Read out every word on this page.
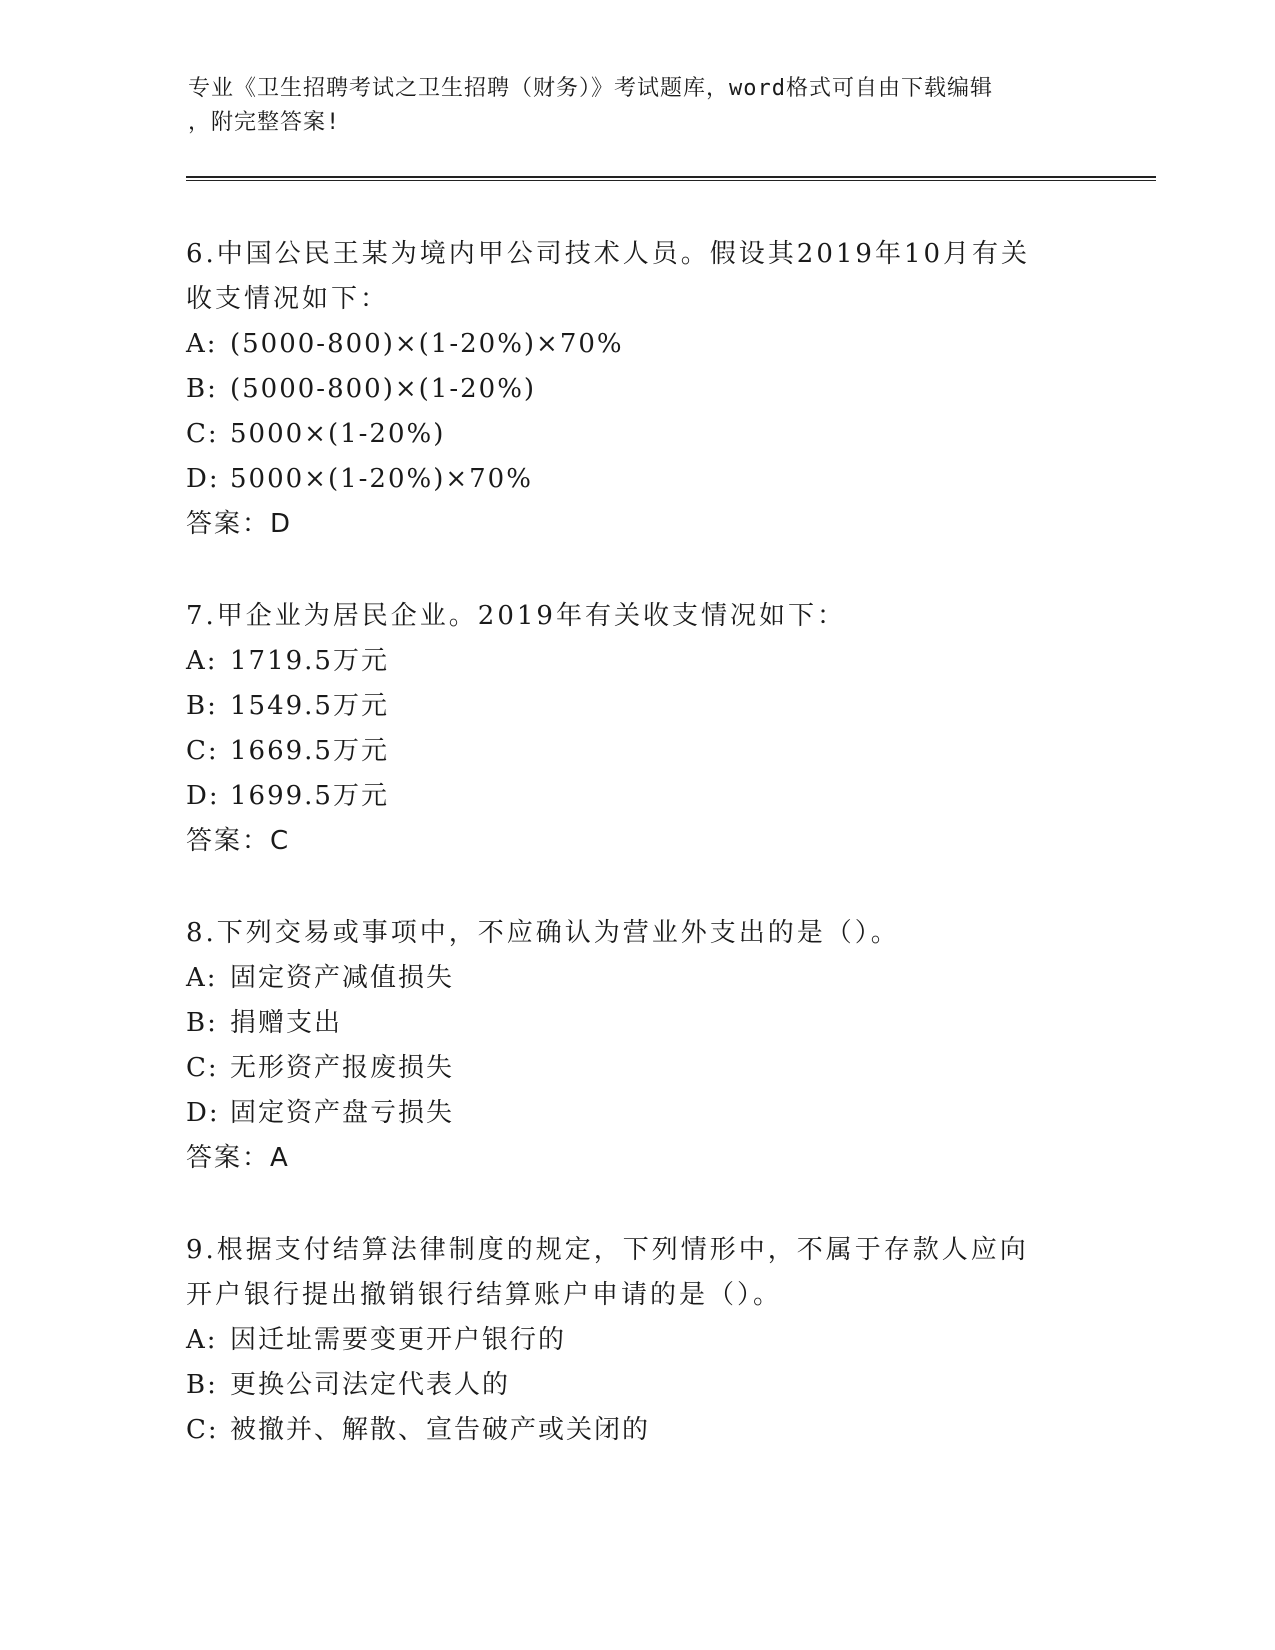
专业《卫生招聘考试之卫生招聘（财务）》考试题库，word格式可自由下载编辑
，附完整答案!
6.中国公民王某为境内甲公司技术人员。假设其2019年10月有关收支情况如下：
A: (5000-800)×(1-20%)×70%
B: (5000-800)×(1-20%)
C: 5000×(1-20%)
D: 5000×(1-20%)×70%
答案：D
7.甲企业为居民企业。2019年有关收支情况如下：
A: 1719.5万元
B: 1549.5万元
C: 1669.5万元
D: 1699.5万元
答案：C
8.下列交易或事项中，不应确认为营业外支出的是（）。
A: 固定资产减值损失
B: 捐赠支出
C: 无形资产报废损失
D: 固定资产盘亏损失
答案：A
9.根据支付结算法律制度的规定，下列情形中，不属于存款人应向开户银行提出撤销银行结算账户申请的是（）。
A: 因迁址需要变更开户银行的
B: 更换公司法定代表人的
C: 被撤并、解散、宣告破产或关闭的
